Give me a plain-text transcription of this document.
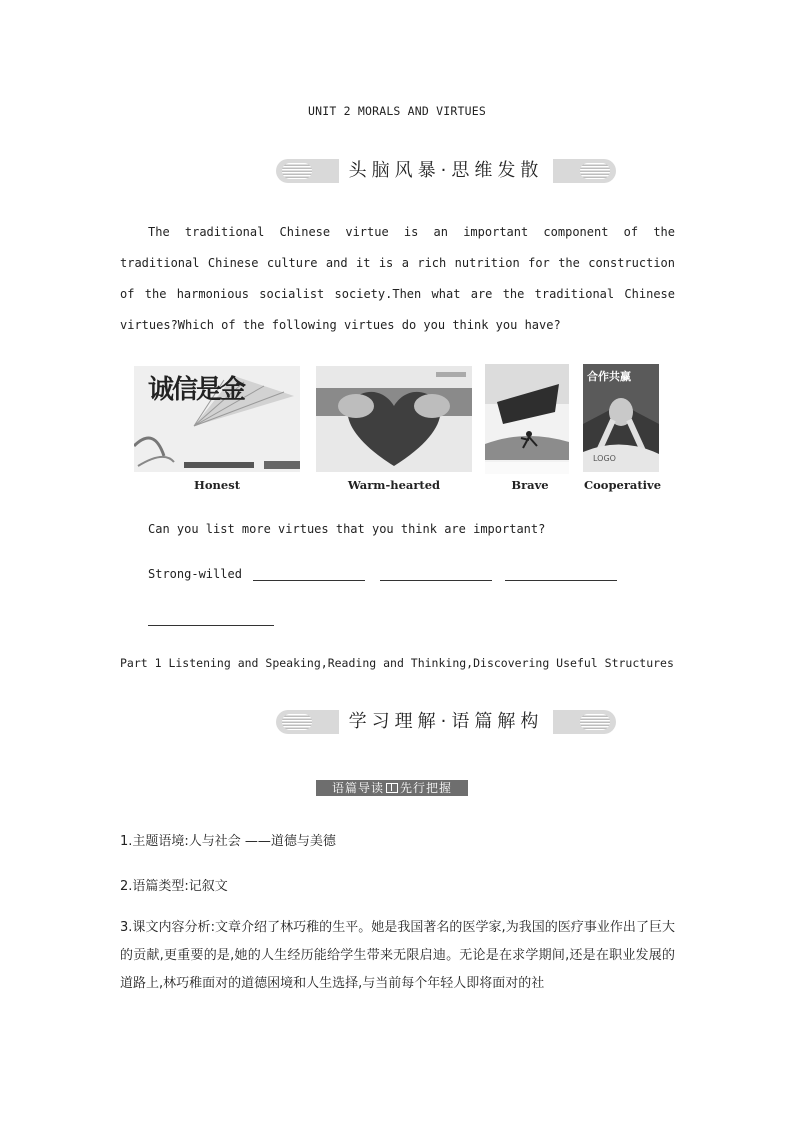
UNIT 2 MORALS AND VIRTUES
头脑风暴·思维发散
The traditional Chinese virtue is an important component of the traditional Chinese culture and it is a rich nutrition for the construction of the harmonious socialist society.Then what are the traditional Chinese virtues?Which of the following virtues do you think you have?
诚信是金
Honest	Warm-hearted	Brave
合作共赢
LOGO
Cooperative
Can you list more virtues that you think are important?
Strong-willed
Part 1 Listening and Speaking,Reading and Thinking,Discovering Useful Structures
学习理解·语篇解构
语篇导读 先行把握
1.主题语境:人与社会 ——道德与美德
2.语篇类型:记叙文
3.课文内容分析:文章介绍了林巧稚的生平。她是我国著名的医学家,为我国的医疗事业作出了巨大的贡献,更重要的是,她的人生经历能给学生带来无限启迪。无论是在求学期间,还是在职业发展的道路上,林巧稚面对的道德困境和人生选择,与当前每个年轻人即将面对的社
